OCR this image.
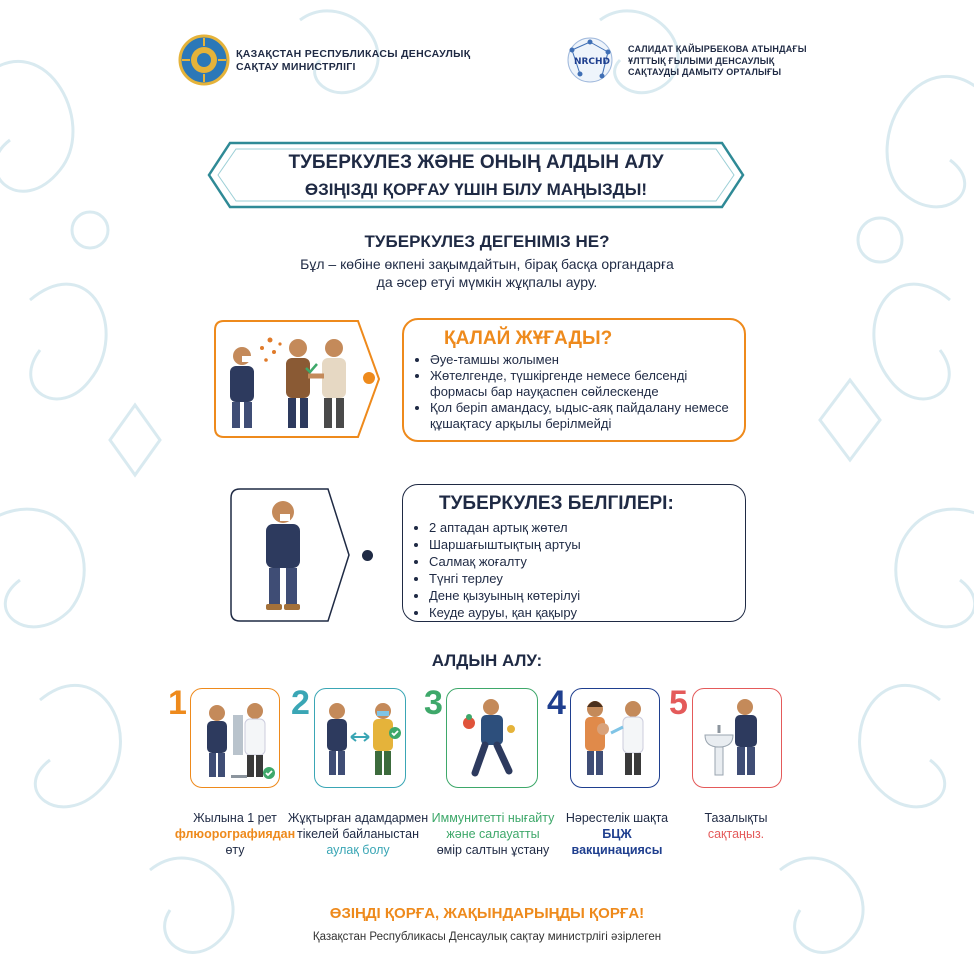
ҚАЗАҚСТАН РЕСПУБЛИКАСЫ ДЕНСАУЛЫҚ
САҚТАУ МИНИСТРЛІГІ	NRCHD
САЛИДАТ ҚАЙЫРБЕКОВА АТЫНДАҒЫ
ҰЛТТЫҚ ҒЫЛЫМИ ДЕНСАУЛЫҚ
САҚТАУДЫ ДАМЫТУ ОРТАЛЫҒЫ
ТУБЕРКУЛЕЗ ЖӘНЕ ОНЫҢ АЛДЫН АЛУ
ӨЗІҢІЗДІ ҚОРҒАУ ҮШІН БІЛУ МАҢЫЗДЫ!
ТУБЕРКУЛЕЗ ДЕГЕНІМІЗ НЕ?
Бұл – көбіне өкпені зақымдайтын, бірақ басқа органдарға
да әсер етуі мүмкін жұқпалы ауру.
ҚАЛАЙ ЖҰҒАДЫ?
• Әуе-тамшы жолымен
• Жөтелгенде, түшкіргенде немесе белсенді формасы бар науқаспен сөйлескенде
• Қол беріп амандасу, ыдыс-аяқ пайдалану немесе құшақтасу арқылы берілмейді
ТУБЕРКУЛЕЗ БЕЛГІЛЕРІ:
• 2 аптадан артық жөтел
• Шаршағыштықтың артуы
• Салмақ жоғалту
• Түнгі терлеу
• Дене қызуының көтерілуі
• Кеуде ауруы, қан қақыру
АЛДЫН АЛУ:
1
Жылына 1 рет
флюорографиядан
өту
2
Жұқтырған адамдармен тікелей байланыстан
аулақ болу
3
Иммунитетті нығайту және салауатты
өмір салтын ұстану
4
Нәрестелік шақта
БЦЖ
вакцинациясы
5
Тазалықты
сақтаңыз.
ӨЗІҢДІ ҚОРҒА, ЖАҚЫНДАРЫҢДЫ ҚОРҒА!
Қазақстан Республикасы Денсаулық сақтау министрлігі әзірлеген
